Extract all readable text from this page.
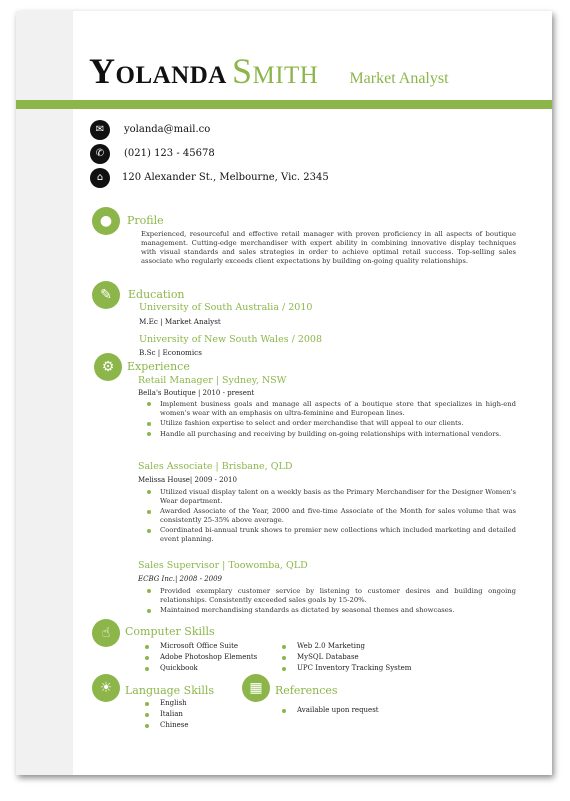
Yolanda Smith Market Analyst
✉	yolanda@mail.co
✆	(021) 123 - 45678
⌂	120 Alexander St., Melbourne, Vic. 2345
●	Profile
Experienced, resourceful and effective retail manager with proven proficiency in all aspects of boutique management. Cutting-edge merchandiser with expert ability in combining innovative display techniques with visual standards and sales strategies in order to achieve optimal retail success. Top-selling sales associate who regularly exceeds client expectations by building on-going quality relationships.
✎	Education
University of South Australia / 2010
M.Ec | Market Analyst
University of New South Wales / 2008
B.Sc | Economics
⚙	Experience
Retail Manager | Sydney, NSW
Bella's Boutique | 2010 - present
Implement business goals and manage all aspects of a boutique store that specializes in high-end women's wear with an emphasis on ultra-feminine and European lines.
Utilize fashion expertise to select and order merchandise that will appeal to our clients.
Handle all purchasing and receiving by building on-going relationships with international vendors.
Sales Associate | Brisbane, QLD
Melissa House| 2009 - 2010
Utilized visual display talent on a weekly basis as the Primary Merchandiser for the Designer Women's Wear department.
Awarded Associate of the Year, 2000 and five-time Associate of the Month for sales volume that was consistently 25-35% above average.
Coordinated bi-annual trunk shows to premier new collections which included marketing and detailed event planning.
Sales Supervisor | Toowomba, QLD
ECBG Inc.| 2008 - 2009
Provided exemplary customer service by listening to customer desires and building ongoing relationships. Consistently exceeded sales goals by 15-20%.
Maintained merchandising standards as dictated by seasonal themes and showcases.
☝	Computer Skills
Microsoft Office Suite
Adobe Photoshop Elements
Quickbook
Web 2.0 Marketing
MySQL Database
UPC Inventory Tracking System
☀	Language Skills
English
Italian
Chinese
▦	References
Available upon request
